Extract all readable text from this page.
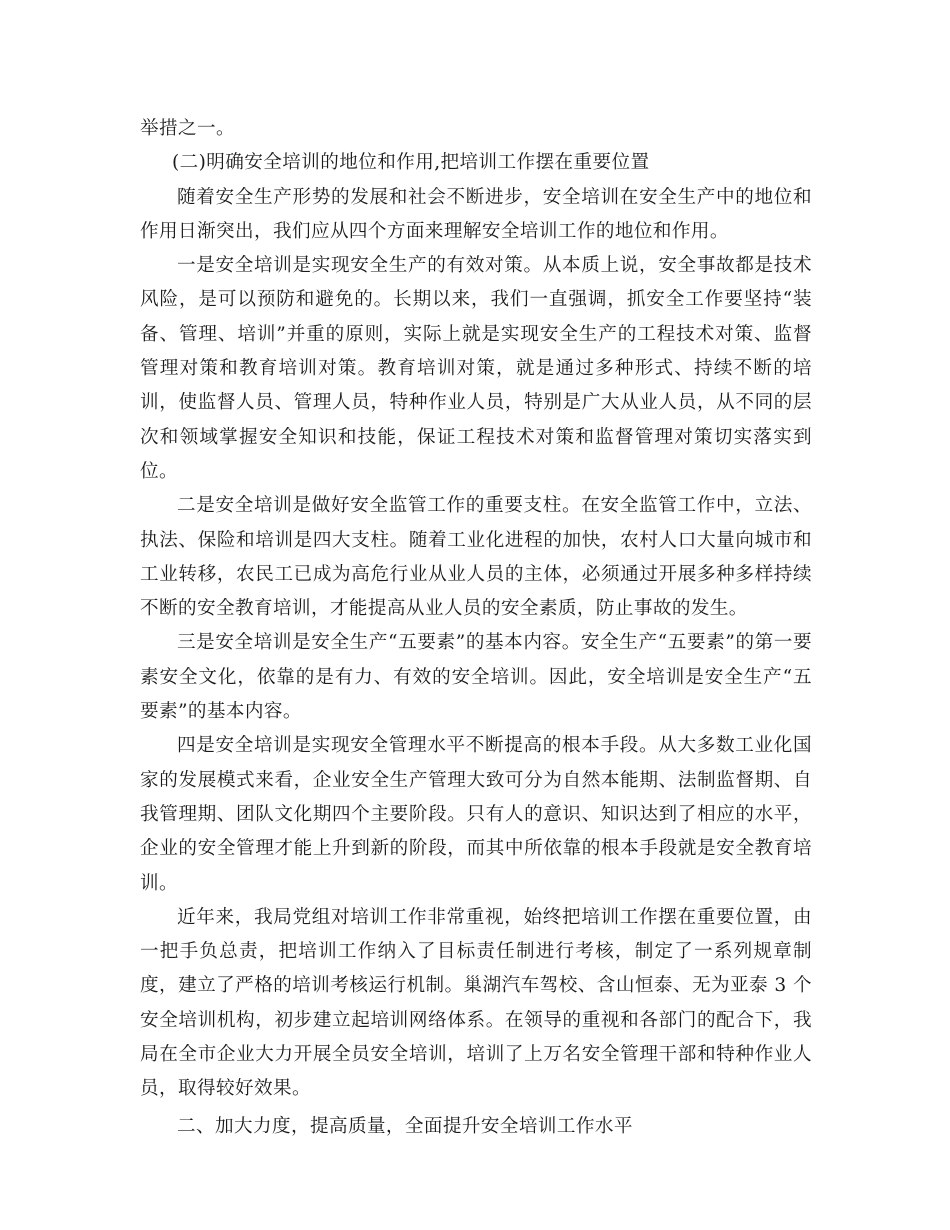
举措之一。

(二)明确安全培训的地位和作用,把培训工作摆在重要位置

随着安全生产形势的发展和社会不断进步，安全培训在安全生产中的地位和作用日渐突出，我们应从四个方面来理解安全培训工作的地位和作用。

一是安全培训是实现安全生产的有效对策。从本质上说，安全事故都是技术风险，是可以预防和避免的。长期以来，我们一直强调，抓安全工作要坚持“装备、管理、培训”并重的原则，实际上就是实现安全生产的工程技术对策、监督管理对策和教育培训对策。教育培训对策，就是通过多种形式、持续不断的培训，使监督人员、管理人员，特种作业人员，特别是广大从业人员，从不同的层次和领域掌握安全知识和技能，保证工程技术对策和监督管理对策切实落实到位。

二是安全培训是做好安全监管工作的重要支柱。在安全监管工作中，立法、执法、保险和培训是四大支柱。随着工业化进程的加快，农村人口大量向城市和工业转移，农民工已成为高危行业从业人员的主体，必须通过开展多种多样持续不断的安全教育培训，才能提高从业人员的安全素质，防止事故的发生。

三是安全培训是安全生产“五要素”的基本内容。安全生产“五要素”的第一要素安全文化，依靠的是有力、有效的安全培训。因此，安全培训是安全生产“五要素”的基本内容。

四是安全培训是实现安全管理水平不断提高的根本手段。从大多数工业化国家的发展模式来看，企业安全生产管理大致可分为自然本能期、法制监督期、自我管理期、团队文化期四个主要阶段。只有人的意识、知识达到了相应的水平，企业的安全管理才能上升到新的阶段，而其中所依靠的根本手段就是安全教育培训。

近年来，我局党组对培训工作非常重视，始终把培训工作摆在重要位置，由一把手负总责，把培训工作纳入了目标责任制进行考核，制定了一系列规章制度，建立了严格的培训考核运行机制。巢湖汽车驾校、含山恒泰、无为亚泰 3 个安全培训机构，初步建立起培训网络体系。在领导的重视和各部门的配合下，我局在全市企业大力开展全员安全培训，培训了上万名安全管理干部和特种作业人员，取得较好效果。

二、加大力度，提高质量，全面提升安全培训工作水平
